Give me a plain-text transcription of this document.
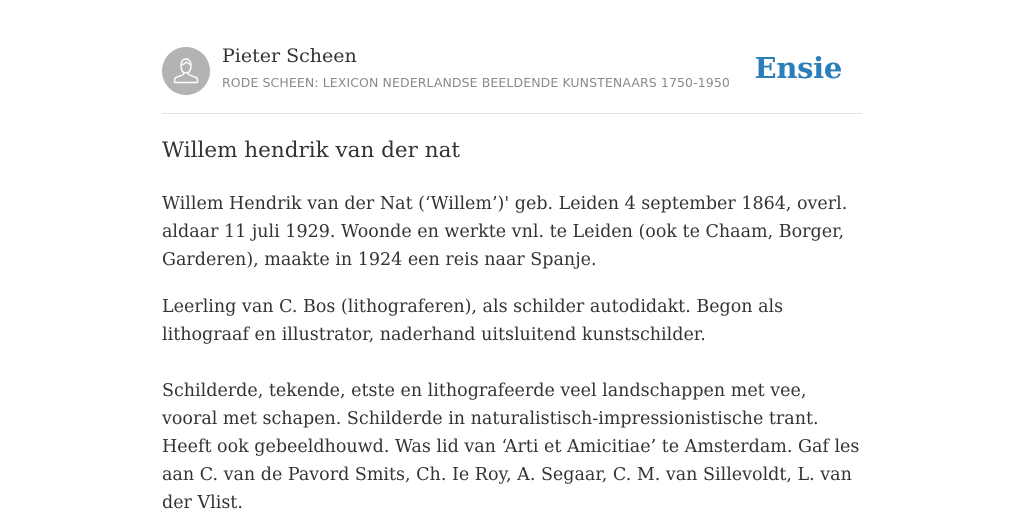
Pieter Scheen
RODE SCHEEN: LEXICON NEDERLANDSE BEELDENDE KUNSTENAARS 1750-1950 Ensie
Willem hendrik van der nat

Willem Hendrik van der Nat (‘Willem’)' geb. Leiden 4 september 1864, overl. aldaar 11 juli 1929. Woonde en werkte vnl. te Leiden (ook te Chaam, Borger, Garderen), maakte in 1924 een reis naar Spanje.

Leerling van C. Bos (lithograferen), als schilder autodidakt. Begon als lithograaf en illustrator, naderhand uitsluitend kunstschilder.

Schilderde, tekende, etste en lithografeerde veel landschappen met vee, vooral met schapen. Schilderde in naturalistisch-impressionistische trant. Heeft ook gebeeldhouwd. Was lid van ‘Arti et Amicitiae’ te Amsterdam. Gaf les aan C. van de Pavord Smits, Ch. Ie Roy, A. Segaar, C. M. van Sillevoldt, L. van der Vlist.
